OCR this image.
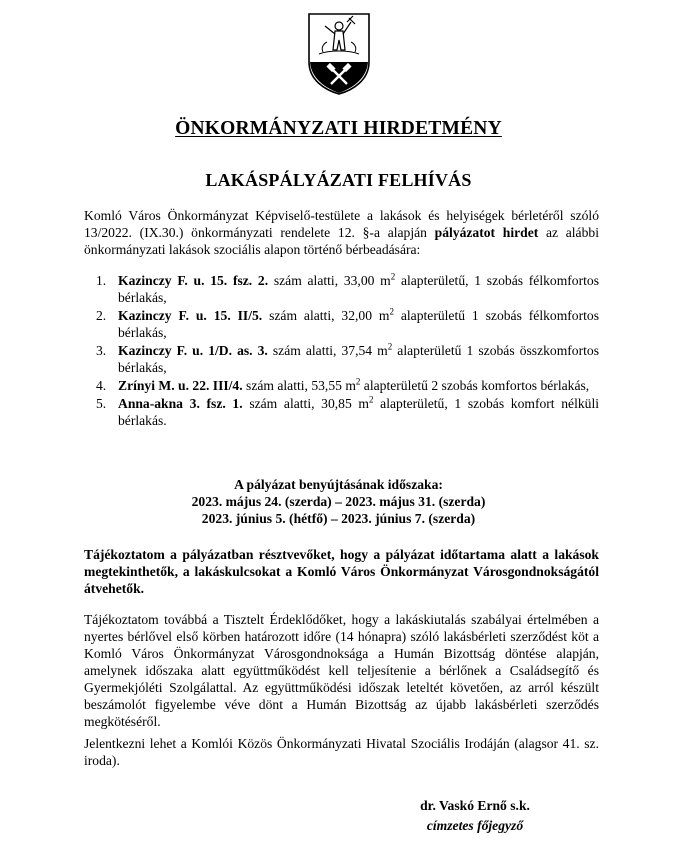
ÖNKORMÁNYZATI HIRDETMÉNY
LAKÁSPÁLYÁZATI FELHÍVÁS
Komló Város Önkormányzat Képviselő-testülete a lakások és helyiségek bérletéről szóló 13/2022. (IX.30.) önkormányzati rendelete 12. §-a alapján pályázatot hirdet az alábbi önkormányzati lakások szociális alapon történő bérbeadására:
1. Kazinczy F. u. 15. fsz. 2. szám alatti, 33,00 $m^2$ alapterületű, 1 szobás félkomfortos bérlakás,
2. Kazinczy F. u. 15. II/5. szám alatti, 32,00 $m^2$ alapterületű 1 szobás félkomfortos bérlakás,
3. Kazinczy F. u. 1/D. as. 3. szám alatti, 37,54 $m^2$ alapterületű 1 szobás összkomfortos bérlakás,
4. Zrínyi M. u. 22. III/4. szám alatti, 53,55 $m^2$ alapterületű 2 szobás komfortos bérlakás,
5. Anna-akna 3. fsz. 1. szám alatti, 30,85 $m^2$ alapterületű, 1 szobás komfort nélküli bérlakás.
A pályázat benyújtásának időszaka:
2023. május 24. (szerda) – 2023. május 31. (szerda)
2023. június 5. (hétfő) – 2023. június 7. (szerda)
Tájékoztatom a pályázatban résztvevőket, hogy a pályázat időtartama alatt a lakások megtekinthetők, a lakáskulcsokat a Komló Város Önkormányzat Városgondnokságától átvehetők.
Tájékoztatom továbbá a Tisztelt Érdeklődőket, hogy a lakáskiutalás szabályai értelmében a nyertes bérlővel első körben határozott időre (14 hónapra) szóló lakásbérleti szerződést köt a Komló Város Önkormányzat Városgondnoksága a Humán Bizottság döntése alapján, amelynek időszaka alatt együttműködést kell teljesítenie a bérlőnek a Családsegítő és Gyermekjóléti Szolgálattal. Az együttműködési időszak leteltét követően, az arról készült beszámolót figyelembe véve dönt a Humán Bizottság az újabb lakásbérleti szerződés megkötéséről.
Jelentkezni lehet a Komlói Közös Önkormányzati Hivatal Szociális Irodáján (alagsor 41. sz. iroda).
dr. Vaskó Ernő s.k.
címzetes főjegyző
